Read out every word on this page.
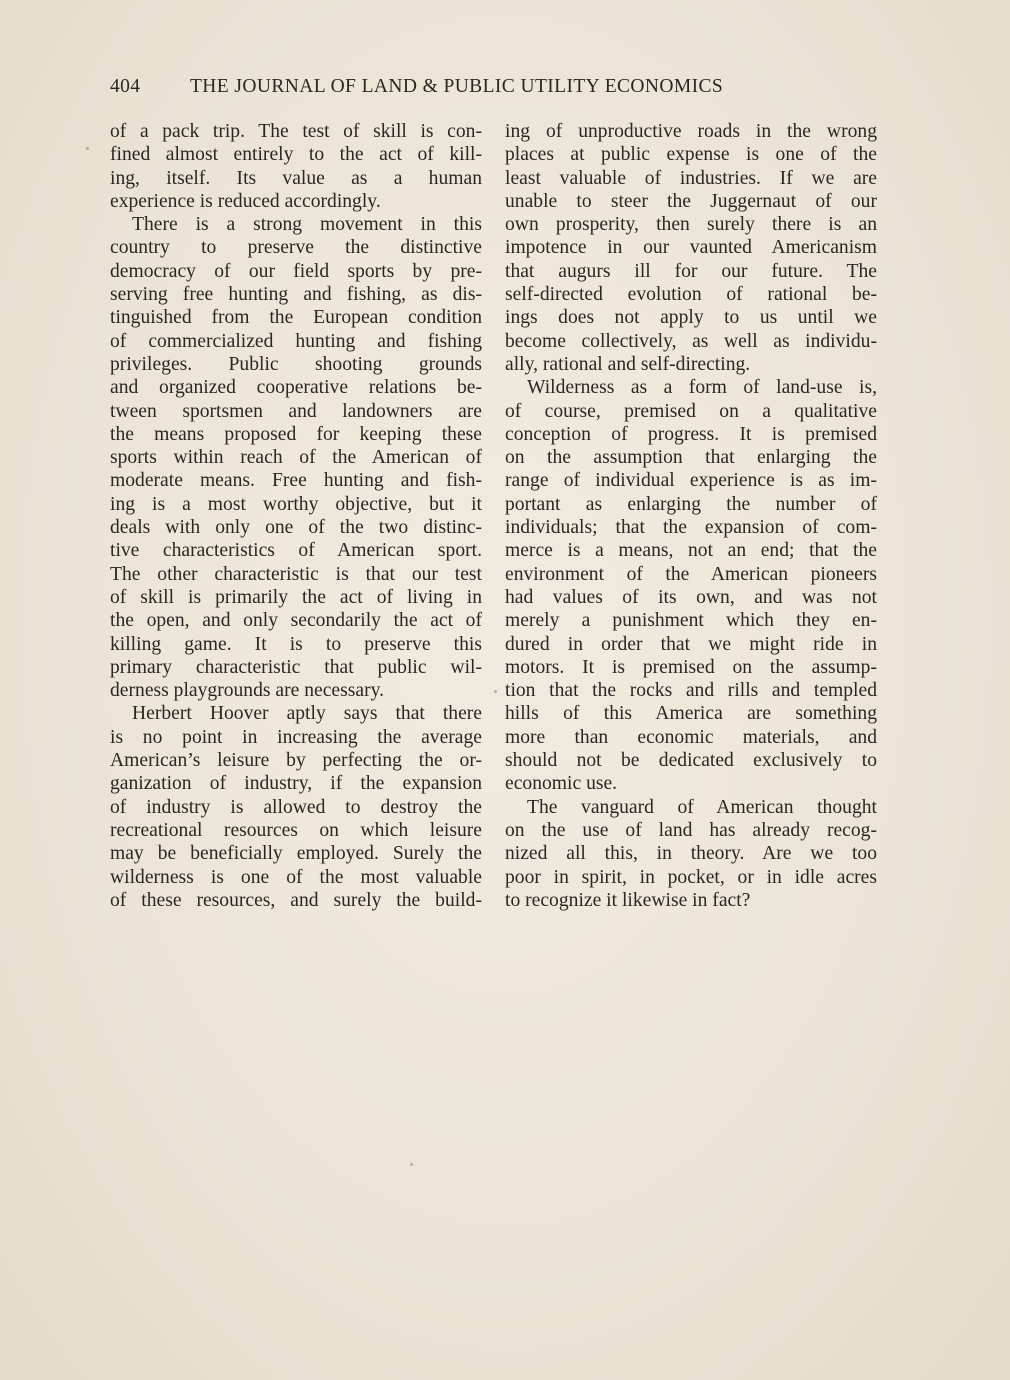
404	THE JOURNAL OF LAND & PUBLIC UTILITY ECONOMICS
of a pack trip. The test of skill is con-
fined almost entirely to the act of kill-
ing, itself. Its value as a human
experience is reduced accordingly.
There is a strong movement in this
country to preserve the distinctive
democracy of our field sports by pre-
serving free hunting and fishing, as dis-
tinguished from the European condition
of commercialized hunting and fishing
privileges. Public shooting grounds
and organized cooperative relations be-
tween sportsmen and landowners are
the means proposed for keeping these
sports within reach of the American of
moderate means. Free hunting and fish-
ing is a most worthy objective, but it
deals with only one of the two distinc-
tive characteristics of American sport.
The other characteristic is that our test
of skill is primarily the act of living in
the open, and only secondarily the act of
killing game. It is to preserve this
primary characteristic that public wil-
derness playgrounds are necessary.
Herbert Hoover aptly says that there
is no point in increasing the average
American’s leisure by perfecting the or-
ganization of industry, if the expansion
of industry is allowed to destroy the
recreational resources on which leisure
may be beneficially employed. Surely the
wilderness is one of the most valuable
of these resources, and surely the build-
ing of unproductive roads in the wrong
places at public expense is one of the
least valuable of industries. If we are
unable to steer the Juggernaut of our
own prosperity, then surely there is an
impotence in our vaunted Americanism
that augurs ill for our future. The
self-directed evolution of rational be-
ings does not apply to us until we
become collectively, as well as individu-
ally, rational and self-directing.
Wilderness as a form of land-use is,
of course, premised on a qualitative
conception of progress. It is premised
on the assumption that enlarging the
range of individual experience is as im-
portant as enlarging the number of
individuals; that the expansion of com-
merce is a means, not an end; that the
environment of the American pioneers
had values of its own, and was not
merely a punishment which they en-
dured in order that we might ride in
motors. It is premised on the assump-
tion that the rocks and rills and templed
hills of this America are something
more than economic materials, and
should not be dedicated exclusively to
economic use.
The vanguard of American thought
on the use of land has already recog-
nized all this, in theory. Are we too
poor in spirit, in pocket, or in idle acres
to recognize it likewise in fact?
